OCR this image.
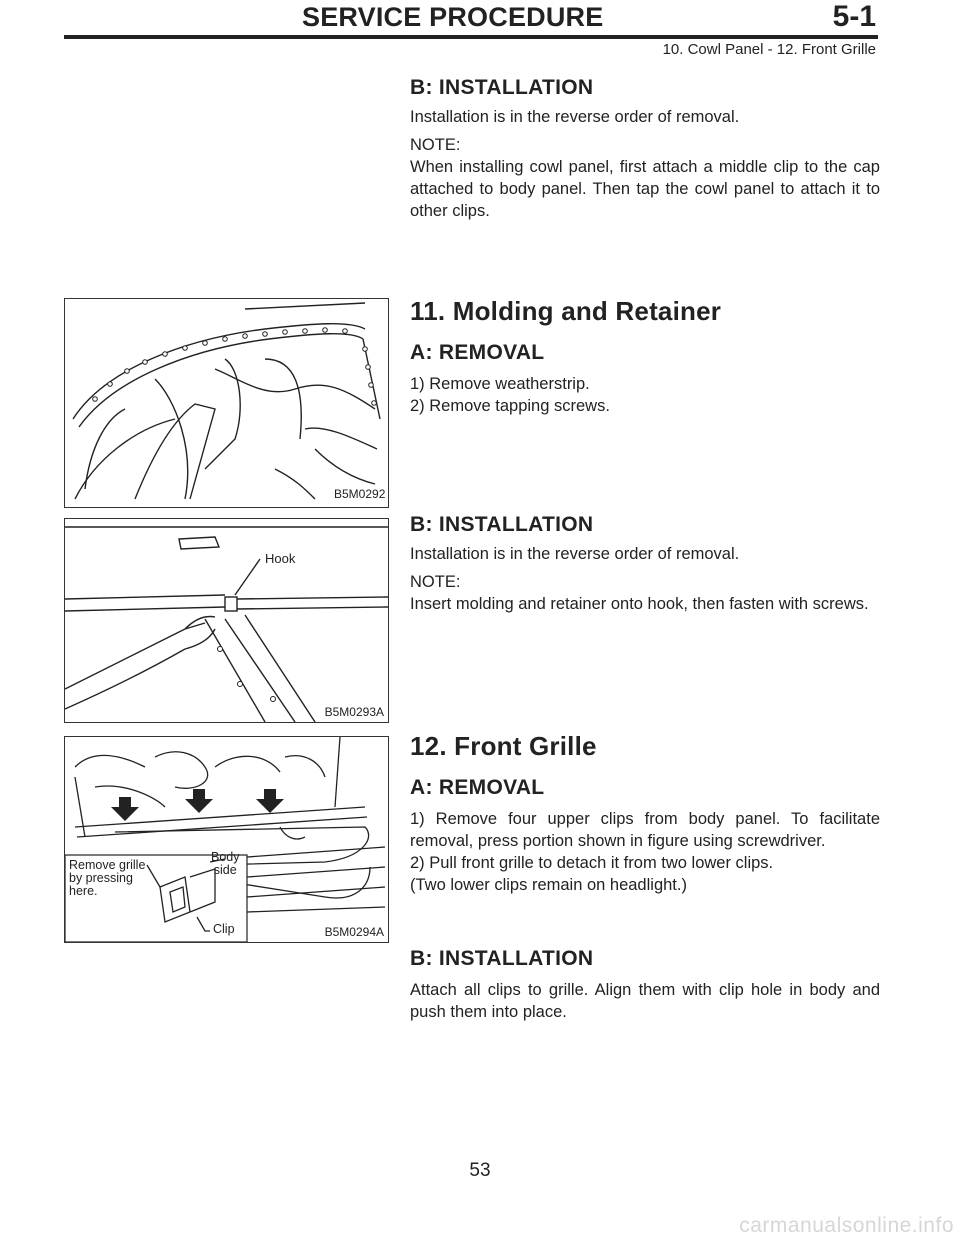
SERVICE PROCEDURE	5-1
10. Cowl Panel - 12. Front Grille
B: INSTALLATION

Installation is in the reverse order of removal.

NOTE:

When installing cowl panel, first attach a middle clip to the cap attached to body panel. Then tap the cowl panel to attach it to other clips.

B5M0292
11. Molding and Retainer
A: REMOVAL

1) Remove weatherstrip.

2) Remove tapping screws.

Hook
B5M0293A
B: INSTALLATION

Installation is in the reverse order of removal.

NOTE:

Insert molding and retainer onto hook, then fasten with screws.

Remove grille
by pressing
here.
Body
side
Clip	B5M0294A
12. Front Grille
A: REMOVAL

1) Remove four upper clips from body panel. To facilitate removal, press portion shown in figure using screwdriver.

2) Pull front grille to detach it from two lower clips.

(Two lower clips remain on headlight.)

B: INSTALLATION

Attach all clips to grille. Align them with clip hole in body and push them into place.

53
carmanualsonline.info
